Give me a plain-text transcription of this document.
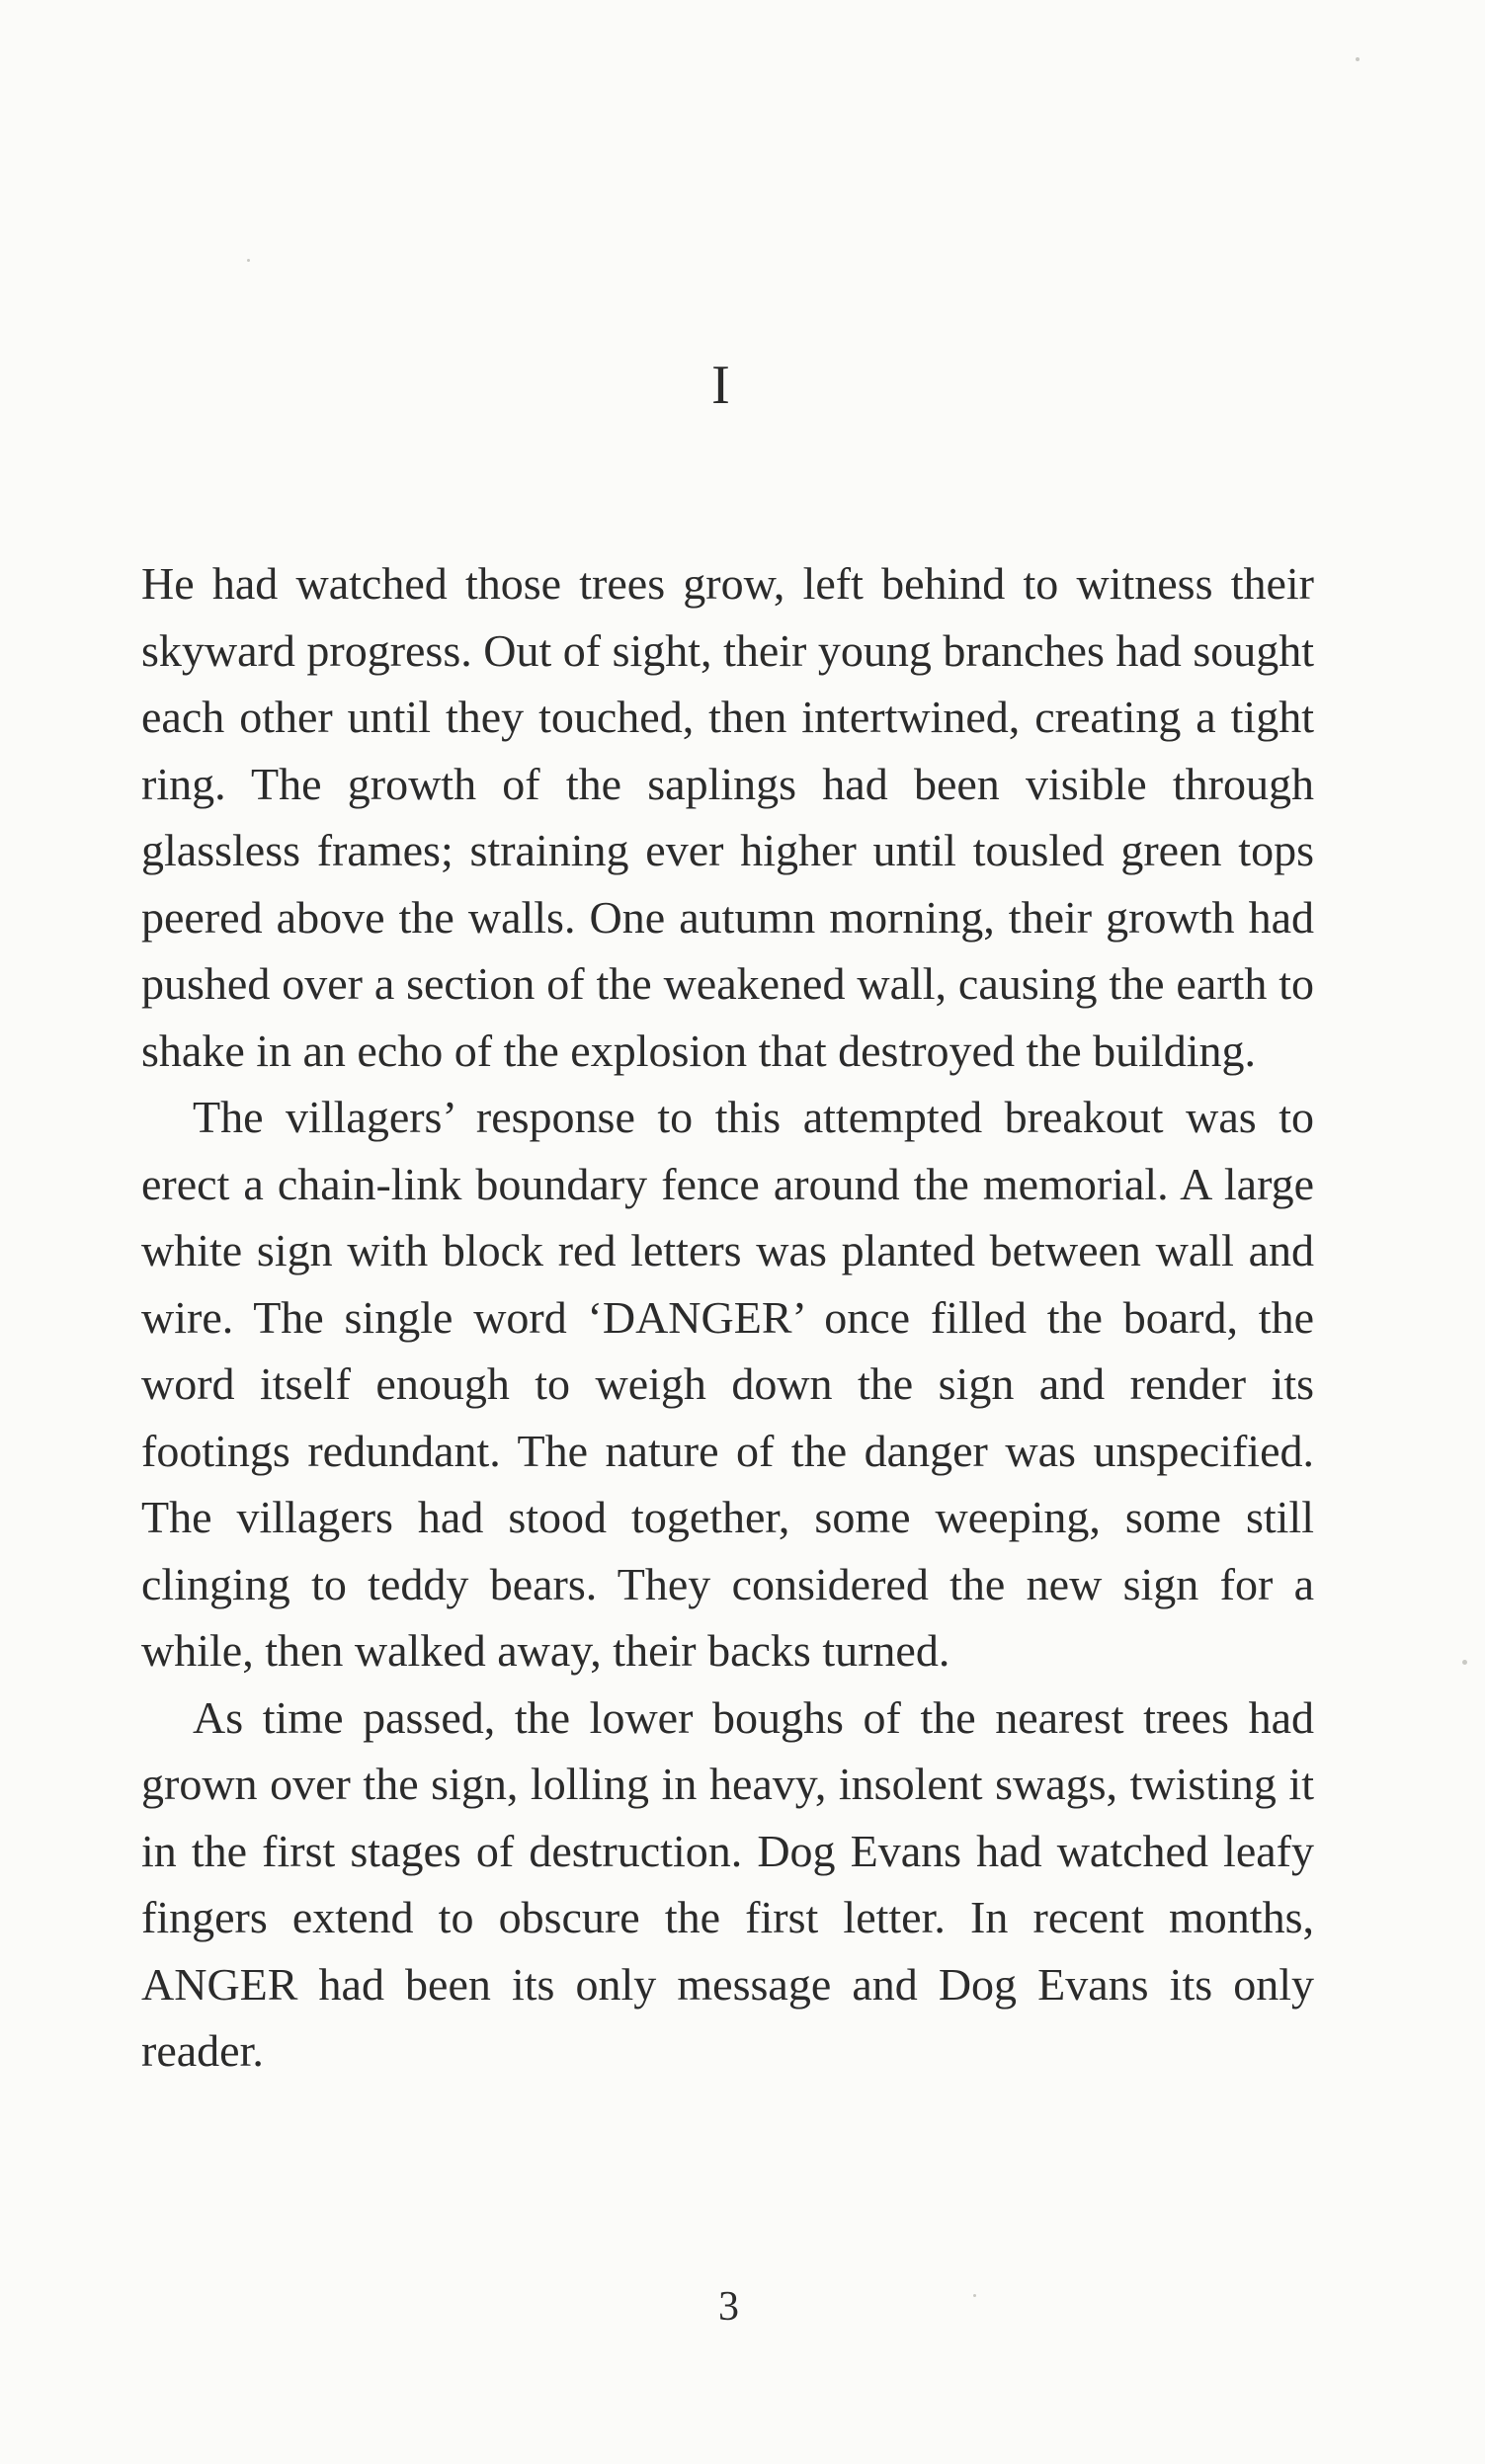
I

He had watched those trees grow, left behind to witness their skyward progress. Out of sight, their young branches had sought each other until they touched, then intertwined, creating a tight ring. The growth of the saplings had been visible through glassless frames; straining ever higher until tousled green tops peered above the walls. One autumn morning, their growth had pushed over a section of the weakened wall, causing the earth to shake in an echo of the explosion that destroyed the building.

The villagers’ response to this attempted breakout was to erect a chain-link boundary fence around the memorial. A large white sign with block red letters was planted between wall and wire. The single word ‘DANGER’ once filled the board, the word itself enough to weigh down the sign and render its footings redundant. The nature of the danger was unspecified. The villagers had stood together, some weeping, some still clinging to teddy bears. They considered the new sign for a while, then walked away, their backs turned.

As time passed, the lower boughs of the nearest trees had grown over the sign, lolling in heavy, insolent swags, twisting it in the first stages of destruction. Dog Evans had watched leafy fingers extend to obscure the first letter. In recent months, ANGER had been its only message and Dog Evans its only reader.

3
